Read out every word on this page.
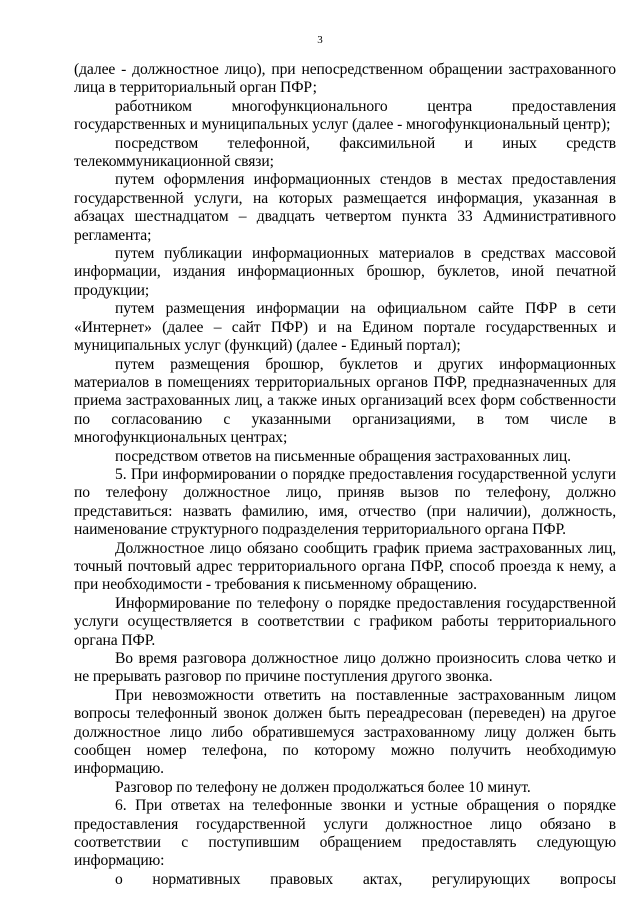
3

(далее - должностное лицо), при непосредственном обращении застрахованного лица в территориальный орган ПФР;

работником многофункционального центра предоставления государственных и муниципальных услуг (далее - многофункциональный центр);

посредством телефонной, факсимильной и иных средств телекоммуникационной связи;

путем оформления информационных стендов в местах предоставления государственной услуги, на которых размещается информация, указанная в абзацах шестнадцатом – двадцать четвертом пункта 33 Административного регламента;

путем публикации информационных материалов в средствах массовой информации, издания информационных брошюр, буклетов, иной печатной продукции;

путем размещения информации на официальном сайте ПФР в сети «Интернет» (далее – сайт ПФР) и на Едином портале государственных и муниципальных услуг (функций) (далее - Единый портал);

путем размещения брошюр, буклетов и других информационных материалов в помещениях территориальных органов ПФР, предназначенных для приема застрахованных лиц, а также иных организаций всех форм собственности по согласованию с указанными организациями, в том числе в многофункциональных центрах;

посредством ответов на письменные обращения застрахованных лиц.

5. При информировании о порядке предоставления государственной услуги по телефону должностное лицо, приняв вызов по телефону, должно представиться: назвать фамилию, имя, отчество (при наличии), должность, наименование структурного подразделения территориального органа ПФР.

Должностное лицо обязано сообщить график приема застрахованных лиц, точный почтовый адрес территориального органа ПФР, способ проезда к нему, а при необходимости - требования к письменному обращению.

Информирование по телефону о порядке предоставления государственной услуги осуществляется в соответствии с графиком работы территориального органа ПФР.

Во время разговора должностное лицо должно произносить слова четко и не прерывать разговор по причине поступления другого звонка.

При невозможности ответить на поставленные застрахованным лицом вопросы телефонный звонок должен быть переадресован (переведен) на другое должностное лицо либо обратившемуся застрахованному лицу должен быть сообщен номер телефона, по которому можно получить необходимую информацию.

Разговор по телефону не должен продолжаться более 10 минут.

6. При ответах на телефонные звонки и устные обращения о порядке предоставления государственной услуги должностное лицо обязано в соответствии с поступившим обращением предоставлять следующую информацию:

о нормативных правовых актах, регулирующих вопросы
